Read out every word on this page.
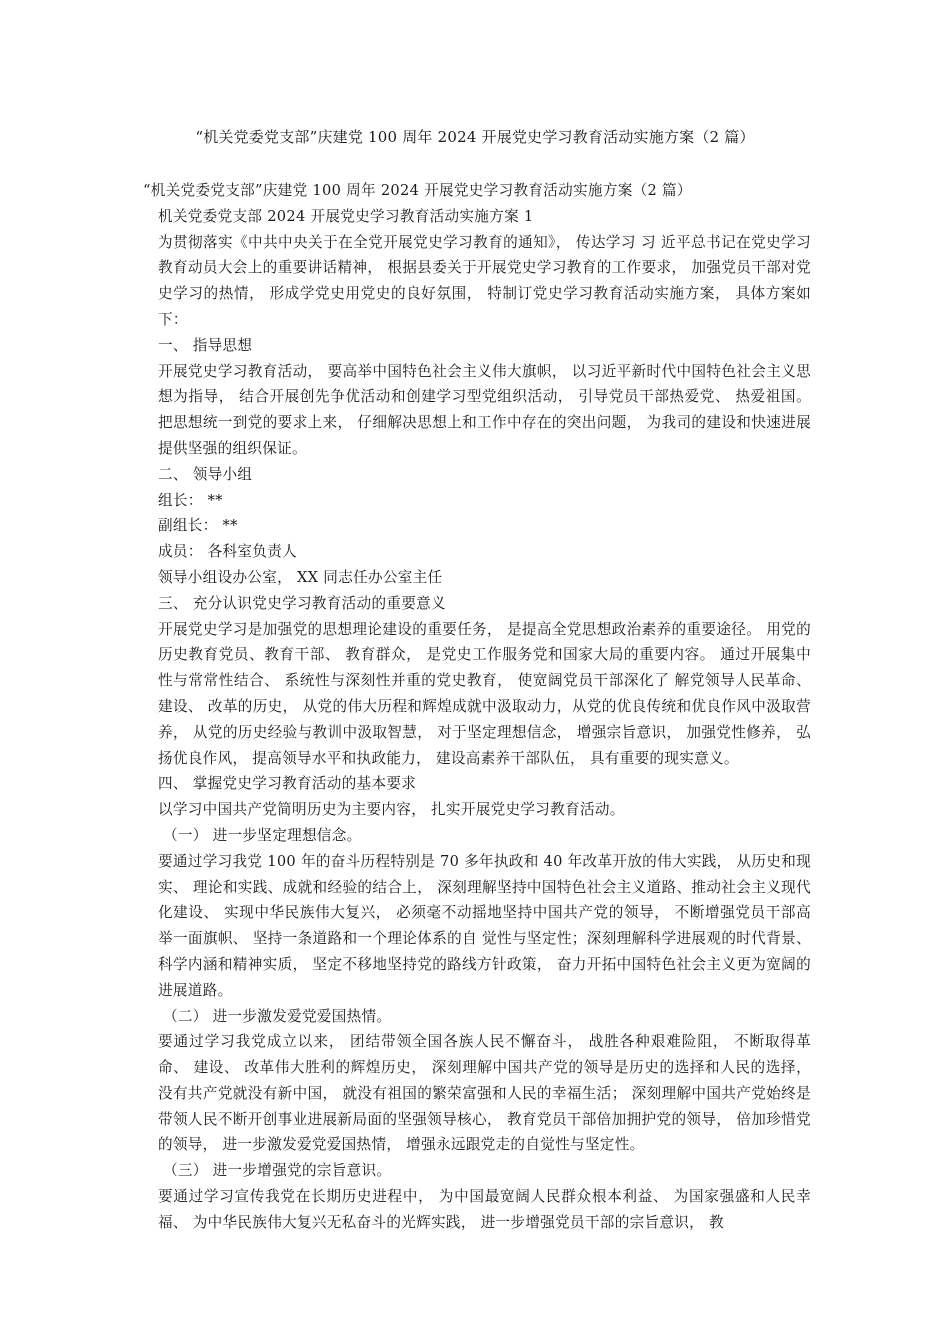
“机关党委党支部”庆建党 100 周年 2024 开展党史学习教育活动实施方案（2 篇）

“机关党委党支部”庆建党 100 周年 2024 开展党史学习教育活动实施方案（2 篇）

机关党委党支部 2024 开展党史学习教育活动实施方案 1

为贯彻落实《中共中央关于在全党开展党史学习教育的通知》， 传达学习 习 近平总书记在党史学习 教育动员大会上的重要讲话精神， 根据县委关于开展党史学习教育的工作要求， 加强党员干部对党史学习的热情， 形成学党史用党史的良好氛围， 特制订党史学习教育活动实施方案， 具体方案如下：

一、 指导思想

开展党史学习教育活动， 要高举中国特色社会主义伟大旗帜， 以习近平新时代中国特色社会主义思想为指导， 结合开展创先争优活动和创建学习型党组织活动， 引导党员干部热爱党、 热爱祖国。 把思想统一到党的要求上来， 仔细解决思想上和工作中存在的突出问题， 为我司的建设和快速进展提供坚强的组织保证。

二、 领导小组

组长： **

副组长： **

成员： 各科室负责人

领导小组设办公室， XX 同志任办公室主任

三、 充分认识党史学习教育活动的重要意义

开展党史学习是加强党的思想理论建设的重要任务， 是提高全党思想政治素养的重要途径。 用党的历史教育党员、教育干部、 教育群众， 是党史工作服务党和国家大局的重要内容。 通过开展集中性与常常性结合、 系统性与深刻性并重的党史教育， 使宽阔党员干部深化了 解党领导人民革命、 建设、 改革的历史， 从党的伟大历程和辉煌成就中汲取动力，从党的优良传统和优良作风中汲取营养， 从党的历史经验与教训中汲取智慧， 对于坚定理想信念， 增强宗旨意识， 加强党性修养， 弘扬优良作风， 提高领导水平和执政能力， 建设高素养干部队伍， 具有重要的现实意义。

四、 掌握党史学习教育活动的基本要求

以学习中国共产党简明历史为主要内容， 扎实开展党史学习教育活动。

（一） 进一步坚定理想信念。

要通过学习我党 100 年的奋斗历程特别是 70 多年执政和 40 年改革开放的伟大实践， 从历史和现实、 理论和实践、成就和经验的结合上， 深刻理解坚持中国特色社会主义道路、推动社会主义现代化建设、 实现中华民族伟大复兴， 必须毫不动摇地坚持中国共产党的领导， 不断增强党员干部高举一面旗帜、 坚持一条道路和一个理论体系的自 觉性与坚定性；深刻理解科学进展观的时代背景、 科学内涵和精神实质， 坚定不移地坚持党的路线方针政策， 奋力开拓中国特色社会主义更为宽阔的进展道路。

（二） 进一步激发爱党爱国热情。

要通过学习我党成立以来， 团结带领全国各族人民不懈奋斗， 战胜各种艰难险阻， 不断取得革命、 建设、 改革伟大胜利的辉煌历史， 深刻理解中国共产党的领导是历史的选择和人民的选择， 没有共产党就没有新中国， 就没有祖国的繁荣富强和人民的幸福生活； 深刻理解中国共产党始终是带领人民不断开创事业进展新局面的坚强领导核心， 教育党员干部倍加拥护党的领导， 倍加珍惜党的领导， 进一步激发爱党爱国热情， 增强永远跟党走的自觉性与坚定性。

（三） 进一步增强党的宗旨意识。

要通过学习宣传我党在长期历史进程中， 为中国最宽阔人民群众根本利益、 为国家强盛和人民幸福、 为中华民族伟大复兴无私奋斗的光辉实践， 进一步增强党员干部的宗旨意识， 教
